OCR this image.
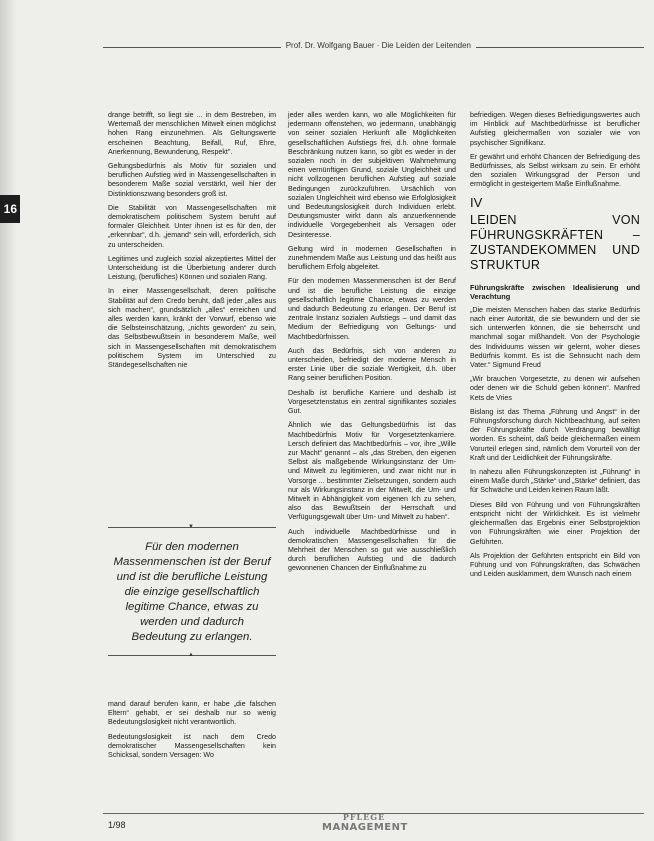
Prof. Dr. Wolfgang Bauer · Die Leiden der Leitenden
16

drange betrifft, so liegt sie ... in dem Bestreben, im Wertemaß der menschlichen Mitwelt einen möglichst hohen Rang einzunehmen. Als Geltungswerte erscheinen Beachtung, Beifall, Ruf, Ehre, Anerkennung, Bewunderung, Respekt".

Geltungsbedürfnis als Motiv für sozialen und beruflichen Aufstieg wird in Massengesellschaften in besonderem Maße sozial verstärkt, weil hier der Distinktionszwang besonders groß ist.

Die Stabilität von Massengesellschaften mit demokratischem politischem System beruht auf formaler Gleichheit. Unter ihnen ist es für den, der „erkennbar“, d.h. „jemand“ sein will, erforderlich, sich zu unterscheiden.

Legitimes und zugleich sozial akzeptiertes Mittel der Unterscheidung ist die Überbietung anderer durch Leistung, (berufliches) Können und sozialen Rang.

In einer Massengesellschaft, deren politische Stabilität auf dem Credo beruht, daß jeder „alles aus sich machen“, grundsätzlich „alles“ erreichen und alles werden kann, kränkt der Vorwurf, ebenso wie die Selbsteinschätzung, „nichts geworden“ zu sein, das Selbstbewußtsein in besonderem Maße, weil sich in Massengesellschaften mit demokratischem politischem System im Unterschied zu Ständegesellschaften nie

▼
Für den modernen Massenmenschen ist der Beruf und ist die berufliche Leistung die einzige gesellschaftlich legitime Chance, etwas zu werden und dadurch Bedeutung zu erlangen.
▲

mand darauf berufen kann, er habe „die falschen Eltern“ gehabt, er sei deshalb nur so wenig Bedeutungslosigkeit nicht verantwortlich.

Bedeutungslosigkeit ist nach dem Credo demokratischer Massengesellschaften kein Schicksal, sondern Versagen: Wo

jeder alles werden kann, wo alle Möglichkeiten für jedermann offenstehen, wo jedermann, unabhängig von seiner sozialen Herkunft alle Möglichkeiten gesellschaftlichen Aufstiegs frei, d.h. ohne formale Beschränkung nutzen kann, so gibt es weder in der sozialen noch in der subjektiven Wahrnehmung einen vernünftigen Grund, soziale Ungleichheit und nicht vollzogenen beruflichen Aufstieg auf soziale Bedingungen zurückzuführen. Ursächlich von sozialen Ungleichheit wird ebenso wie Erfolglosigkeit und Bedeutungslosigkeit durch Individuen erlebt. Deutungsmuster wirkt dann als anzuerkennende individuelle Vorgegebenheit als Versagen oder Desinteresse.

Geltung wird in modernen Gesellschaften in zunehmendem Maße aus Leistung und das heißt aus beruflichem Erfolg abgeleitet.

Für den modernen Massenmenschen ist der Beruf und ist die berufliche Leistung die einzige gesellschaftlich legitime Chance, etwas zu werden und dadurch Bedeutung zu erlangen. Der Beruf ist zentrale Instanz sozialen Aufstiegs – und damit das Medium der Befriedigung von Geltungs- und Machtbedürfnissen.

Auch das Bedürfnis, sich von anderen zu unterscheiden, befriedigt der moderne Mensch in erster Linie über die soziale Wertigkeit, d.h. über Rang seiner beruflichen Position.

Deshalb ist berufliche Karriere und deshalb ist Vorgesetztenstatus ein zentral signifikantes soziales Gut.

Ähnlich wie das Geltungsbedürfnis ist das Machtbedürfnis Motiv für Vorgesetztenkarriere. Lersch definiert das Machtbedürfnis – vor, ihre „Wille zur Macht“ genannt – als „das Streben, den eigenen Selbst als maßgebende Wirkungsinstanz der Um- und Mitwelt zu legitimieren, und zwar nicht nur in Vorsorge ... bestimmter Zielsetzungen, sondern auch nur als Wirkungsinstanz in der Mitwelt, die Um- und Mitwelt in Abhängigkeit vom eigenen Ich zu sehen, also das Bewußtsein der Herrschaft und Verfügungsgewalt über Um- und Mitwelt zu haben“.

Auch individuelle Machtbedürfnisse und in demokratischen Massengesellschaften für die Mehrheit der Menschen so gut wie ausschließlich durch beruflichen Aufstieg und die dadurch gewonnenen Chancen der Einflußnahme zu

befriedigen. Wegen dieses Befriedigungswertes auch im Hinblick auf Machtbedürfnisse ist beruflicher Aufstieg gleichermaßen von sozialer wie von psychischer Signifikanz.

Er gewährt und erhöht Chancen der Befriedigung des Bedürfnisses, als Selbst wirksam zu sein. Er erhöht den sozialen Wirkungsgrad der Person und ermöglicht in gesteigertem Maße Einflußnahme.

IV
LEIDEN VON FÜHRUNGSKRÄFTEN – ZUSTANDEKOMMEN UND STRUKTUR
Führungskräfte zwischen Idealisierung und Verachtung

„Die meisten Menschen haben das starke Bedürfnis nach einer Autorität, die sie bewundern und der sie sich unterwerfen können, die sie beherrscht und manchmal sogar mißhandelt. Von der Psychologie des Individuums wissen wir gelernt, woher dieses Bedürfnis kommt. Es ist die Sehnsucht nach dem Vater.“ Sigmund Freud

„Wir brauchen Vorgesetzte, zu denen wir aufsehen oder denen wir die Schuld geben können“. Manfred Kets de Vries

Bislang ist das Thema „Führung und Angst“ in der Führungsforschung durch Nichtbeachtung, auf seiten der Führungskräfte durch Verdrängung bewältigt worden. Es scheint, daß beide gleichermaßen einem Vorurteil erlegen sind, nämlich dem Vorurteil von der Kraft und der Leidlichkeit der Führungskräfte.

In nahezu allen Führungskonzepten ist „Führung“ in einem Maße durch „Stärke“ und „Stärke“ definiert, das für Schwäche und Leiden keinen Raum läßt.

Dieses Bild von Führung und von Führungskräften entspricht nicht der Wirklichkeit. Es ist vielmehr gleichermaßen das Ergebnis einer Selbstprojektion von Führungskräften wie einer Projektion der Geführten.

Als Projektion der Geführten entspricht ein Bild von Führung und von Führungskräften, das Schwächen und Leiden ausklammert, dem Wunsch nach einem

1/98
PFLEGE
MANAGEMENT
